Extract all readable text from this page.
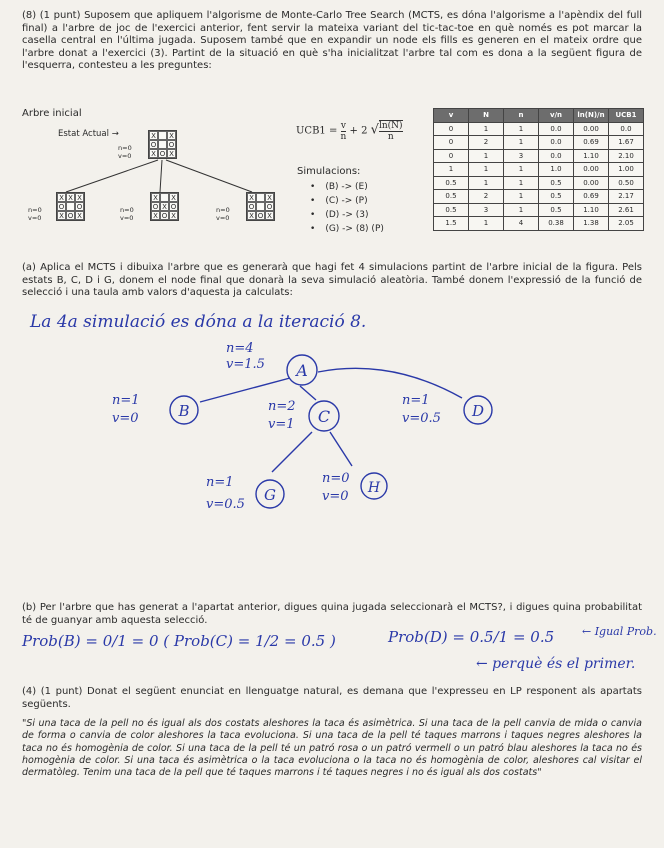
(8) (1 punt) Suposem que apliquem l'algorisme de Monte-Carlo Tree Search (MCTS, es dóna l'algorisme a l'apèndix del full final) a l'arbre de joc de l'exercici anterior, fent servir la mateixa variant del tic-tac-toe en què només es pot marcar la casella central en l'última jugada. Suposem també que en expandir un node els fills es generen en el mateix ordre que l'arbre donat a l'exercici (3). Partint de la situació en què s'ha inicialitzat l'arbre tal com es dona a la següent figura de l'esquerra, contesteu a les preguntes:

Arbre inicial
Estat Actual →	X	X
O O
X O X
n=0
v=0
X X X
O O
X O X
X	X
O X O
X O X
X	X
O O
X O X
n=0
v=0
n=0
v=0
n=0
v=0
$UCB1 = \frac{v}{n} + 2$ √ $\frac{\ln(N)}{n}$
Simulacions:
• (B) -> (E)
• (C) -> (P)
• (D) -> (3)
• (G) -> (8) (P)
v	N	n	v/n	ln(N)/n	UCB1
0	1	1	0.0	0.00	0.0
0	2	1	0.0	0.69	1.67
0	1	3	0.0	1.10	2.10
1	1	1	1.0	0.00	1.00
0.5	1	1	0.5	0.00	0.50
0.5	2	1	0.5	0.69	2.17
0.5	3	1	0.5	1.10	2.61
1.5	1	4	0.38	1.38	2.05

(a) Aplica el MCTS i dibuixa l'arbre que es generarà que hagi fet 4 simulacions partint de l'arbre inicial de la figura. Pels estats B, C, D i G, donem el node final que donarà la seva simulació aleatòria. També donem l'expressió de la funció de selecció i una taula amb valors d'aquesta ja calculats:

La 4a simulació es dóna a la iteració 8.
A
B	C	D
G	H
n=4
v=1.5
n=1
v=0
n=2
v=1
n=1
v=0.5
n=1
v=0.5
n=0
v=0

(b) Per l'arbre que has generat a l'apartat anterior, digues quina jugada seleccionarà el MCTS?, i digues quina probabilitat té de guanyar amb aquesta selecció.

Prob(B) = 0/1 = 0 ( Prob(C) = 1/2 = 0.5 )	Prob(D) = 0.5/1 = 0.5	← Igual Prob.
← perquè és el primer.

(4) (1 punt) Donat el següent enunciat en llenguatge natural, es demana que l'expresseu en LP responent als apartats següents.

"Si una taca de la pell no és igual als dos costats aleshores la taca és asimètrica. Si una taca de la pell canvia de mida o canvia de forma o canvia de color aleshores la taca evoluciona. Si una taca de la pell té taques marrons i taques negres aleshores la taca no és homogènia de color. Si una taca de la pell té un patró rosa o un patró vermell o un patró blau aleshores la taca no és homogènia de color. Si una taca és asimètrica o la taca evoluciona o la taca no és homogènia de color, aleshores cal visitar el dermatòleg. Tenim una taca de la pell que té taques marrons i té taques negres i no és igual als dos costats"
